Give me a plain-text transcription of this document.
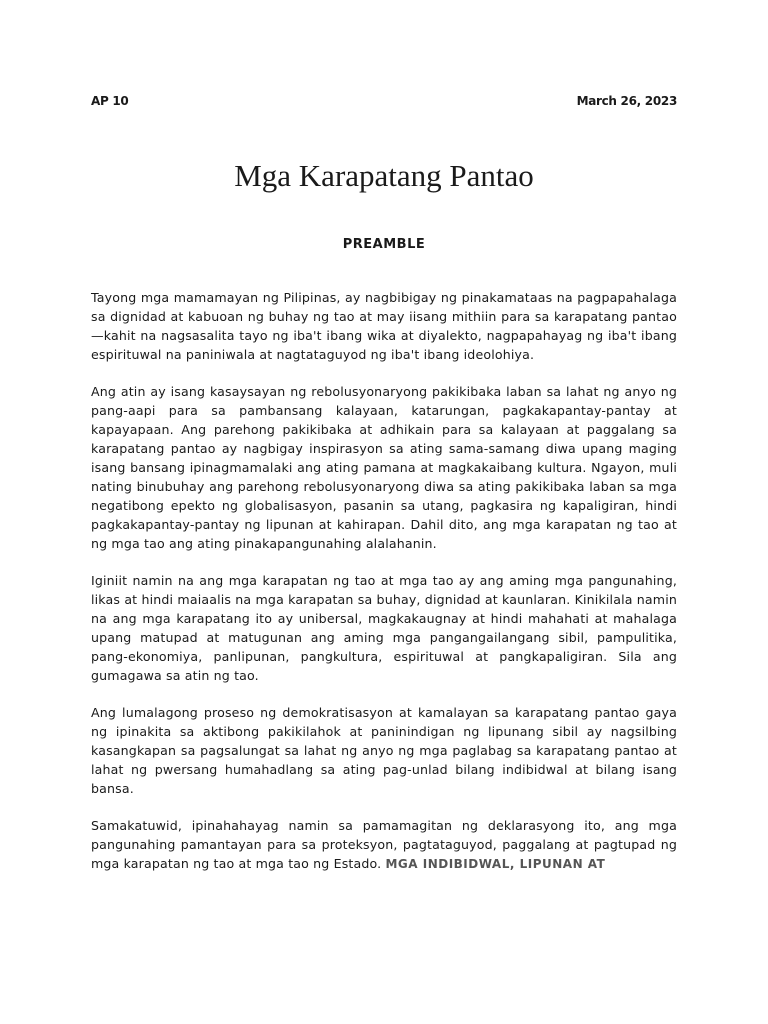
AP 10	March 26, 2023
Mga Karapatang Pantao
PREAMBLE

Tayong mga mamamayan ng Pilipinas, ay nagbibigay ng pinakamataas na pagpapahalaga sa dignidad at kabuoan ng buhay ng tao at may iisang mithiin para sa karapatang pantao—kahit na nagsasalita tayo ng iba't ibang wika at diyalekto, nagpapahayag ng iba't ibang espirituwal na paniniwala at nagtataguyod ng iba't ibang ideolohiya.

Ang atin ay isang kasaysayan ng rebolusyonaryong pakikibaka laban sa lahat ng anyo ng pang-aapi para sa pambansang kalayaan, katarungan, pagkakapantay-pantay at kapayapaan. Ang parehong pakikibaka at adhikain para sa kalayaan at paggalang sa karapatang pantao ay nagbigay inspirasyon sa ating sama-samang diwa upang maging isang bansang ipinagmamalaki ang ating pamana at magkakaibang kultura. Ngayon, muli nating binubuhay ang parehong rebolusyonaryong diwa sa ating pakikibaka laban sa mga negatibong epekto ng globalisasyon, pasanin sa utang, pagkasira ng kapaligiran, hindi pagkakapantay-pantay ng lipunan at kahirapan. Dahil dito, ang mga karapatan ng tao at ng mga tao ang ating pinakapangunahing alalahanin.

Iginiit namin na ang mga karapatan ng tao at mga tao ay ang aming mga pangunahing, likas at hindi maiaalis na mga karapatan sa buhay, dignidad at kaunlaran. Kinikilala namin na ang mga karapatang ito ay unibersal, magkakaugnay at hindi mahahati at mahalaga upang matupad at matugunan ang aming mga pangangailangang sibil, pampulitika, pang-ekonomiya, panlipunan, pangkultura, espirituwal at pangkapaligiran. Sila ang gumagawa sa atin ng tao.

Ang lumalagong proseso ng demokratisasyon at kamalayan sa karapatang pantao gaya ng ipinakita sa aktibong pakikilahok at paninindigan ng lipunang sibil ay nagsilbing kasangkapan sa pagsalungat sa lahat ng anyo ng mga paglabag sa karapatang pantao at lahat ng pwersang humahadlang sa ating pag-unlad bilang indibidwal at bilang isang bansa.

Samakatuwid, ipinahahayag namin sa pamamagitan ng deklarasyong ito, ang mga pangunahing pamantayan para sa proteksyon, pagtataguyod, paggalang at pagtupad ng mga karapatan ng tao at mga tao ng Estado. MGA INDIBIDWAL, LIPUNAN AT
